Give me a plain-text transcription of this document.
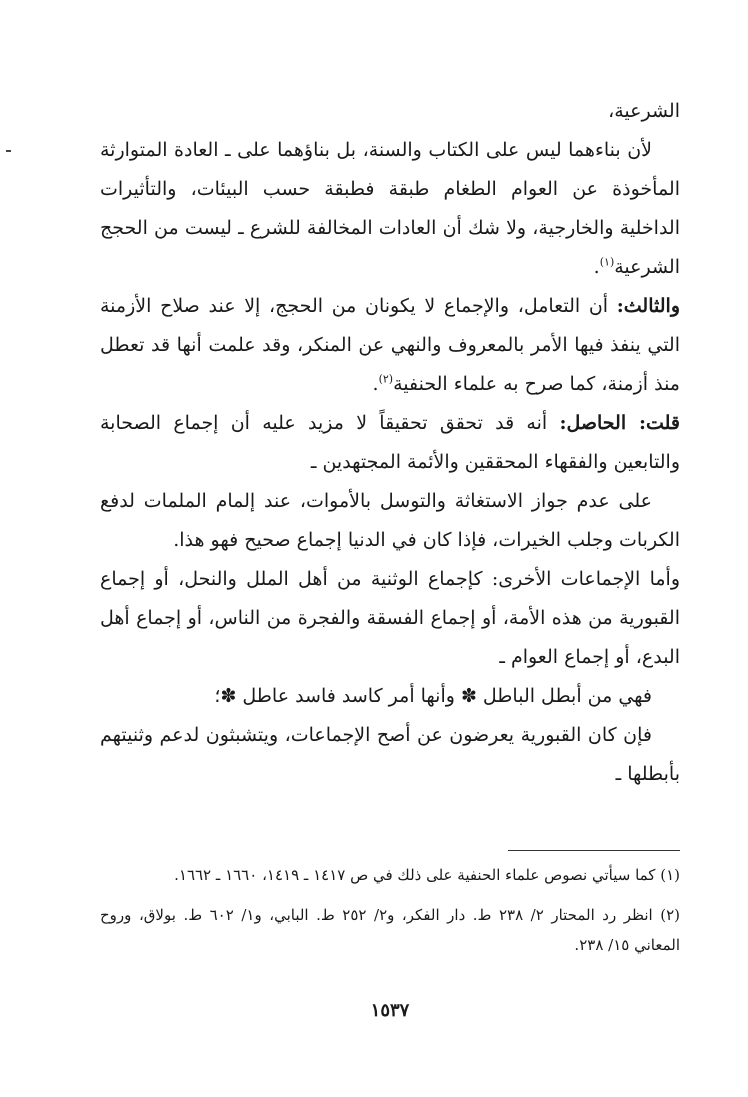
الشرعية،

لأن بناءهما ليس على الكتاب والسنة، بل بناؤهما على ـ العادة المتوارثة المأخوذة عن العوام الطغام طبقة فطبقة حسب البيئات، والتأثيرات الداخلية والخارجية، ولا شك أن العادات المخالفة للشرع ـ ليست من الحجج الشرعية$^{(١)}$.

والثالث: أن التعامل، والإجماع لا يكونان من الحجج، إلا عند صلاح الأزمنة التي ينفذ فيها الأمر بالمعروف والنهي عن المنكر، وقد علمت أنها قد تعطل منذ أزمنة، كما صرح به علماء الحنفية$^{(٢)}$.

قلت: الحاصل: أنه قد تحقق تحقيقاً لا مزيد عليه أن إجماع الصحابة والتابعين والفقهاء المحققين والأئمة المجتهدين ـ

على عدم جواز الاستغاثة والتوسل بالأموات، عند إلمام الملمات لدفع الكربات وجلب الخيرات، فإذا كان في الدنيا إجماع صحيح فهو هذا.

وأما الإجماعات الأخرى: كإجماع الوثنية من أهل الملل والنحل، أو إجماع القبورية من هذه الأمة، أو إجماع الفسقة والفجرة من الناس، أو إجماع أهل البدع، أو إجماع العوام ـ

فهي من أبطل الباطل ✽ وأنها أمر كاسد فاسد عاطل ✽؛

فإن كان القبورية يعرضون عن أصح الإجماعات، ويتشبثون لدعم وثنيتهم بأبطلها ـ

(١) كما سيأتي نصوص علماء الحنفية على ذلك في ص ١٤١٧ ـ ١٤١٩، ١٦٦٠ ـ ١٦٦٢.

(٢) انظر رد المحتار ٢/ ٢٣٨ ط. دار الفكر، و٢/ ٢٥٢ ط. البابي، و١/ ٦٠٢ ط. بولاق، وروح المعاني ١٥/ ٢٣٨.

١٥٣٧
